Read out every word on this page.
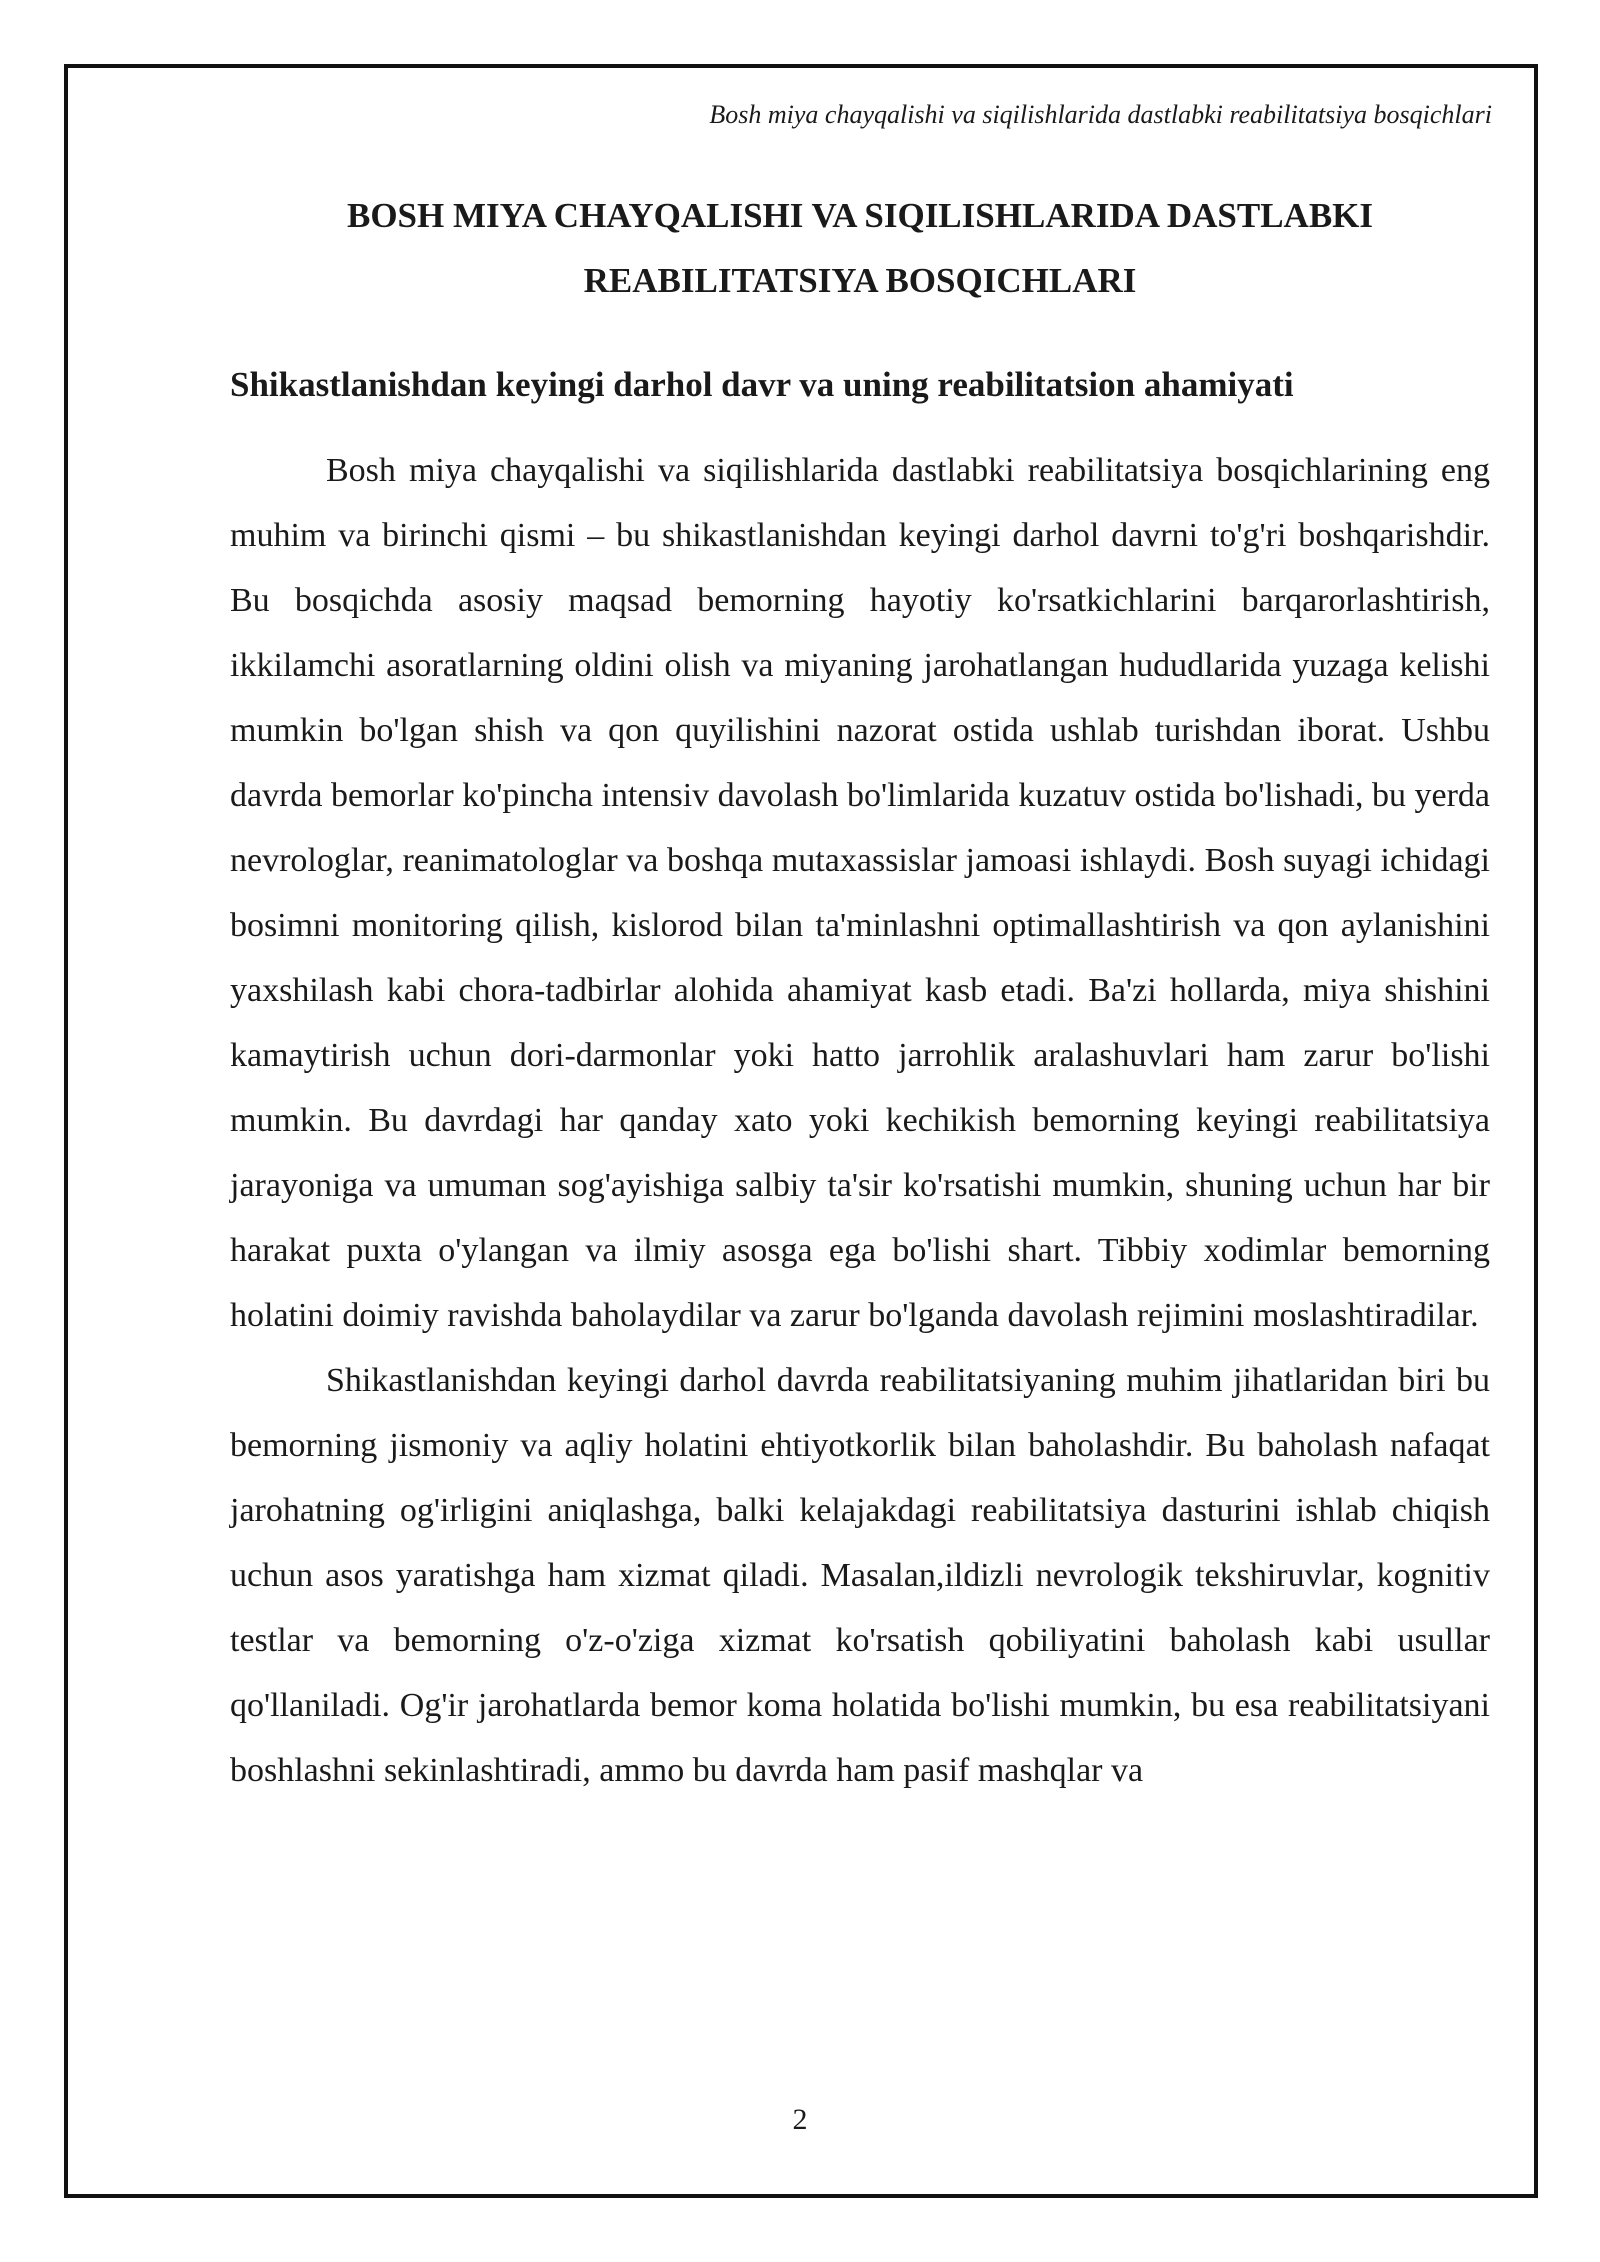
Bosh miya chayqalishi va siqilishlarida dastlabki reabilitatsiya bosqichlari
BOSH MIYA CHAYQALISHI VA SIQILISHLARIDA DASTLABKI
REABILITATSIYA BOSQICHLARI
Shikastlanishdan keyingi darhol davr va uning reabilitatsion ahamiyati

Bosh miya chayqalishi va siqilishlarida dastlabki reabilitatsiya bosqichlarining eng muhim va birinchi qismi – bu shikastlanishdan keyingi darhol davrni to'g'ri boshqarishdir. Bu bosqichda asosiy maqsad bemorning hayotiy ko'rsatkichlarini barqarorlashtirish, ikkilamchi asoratlarning oldini olish va miyaning jarohatlangan hududlarida yuzaga kelishi mumkin bo'lgan shish va qon quyilishini nazorat ostida ushlab turishdan iborat. Ushbu davrda bemorlar ko'pincha intensiv davolash bo'limlarida kuzatuv ostida bo'lishadi, bu yerda nevrologlar, reanimatologlar va boshqa mutaxassislar jamoasi ishlaydi. Bosh suyagi ichidagi bosimni monitoring qilish, kislorod bilan ta'minlashni optimallashtirish va qon aylanishini yaxshilash kabi chora-tadbirlar alohida ahamiyat kasb etadi. Ba'zi hollarda, miya shishini kamaytirish uchun dori-darmonlar yoki hatto jarrohlik aralashuvlari ham zarur bo'lishi mumkin. Bu davrdagi har qanday xato yoki kechikish bemorning keyingi reabilitatsiya jarayoniga va umuman sog'ayishiga salbiy ta'sir ko'rsatishi mumkin, shuning uchun har bir harakat puxta o'ylangan va ilmiy asosga ega bo'lishi shart. Tibbiy xodimlar bemorning holatini doimiy ravishda baholaydilar va zarur bo'lganda davolash rejimini moslashtiradilar.

Shikastlanishdan keyingi darhol davrda reabilitatsiyaning muhim jihatlaridan biri bu bemorning jismoniy va aqliy holatini ehtiyotkorlik bilan baholashdir. Bu baholash nafaqat jarohatning og'irligini aniqlashga, balki kelajakdagi reabilitatsiya dasturini ishlab chiqish uchun asos yaratishga ham xizmat qiladi. Masalan,ildizli nevrologik tekshiruvlar, kognitiv testlar va bemorning o'z-o'ziga xizmat ko'rsatish qobiliyatini baholash kabi usullar qo'llaniladi. Og'ir jarohatlarda bemor koma holatida bo'lishi mumkin, bu esa reabilitatsiyani boshlashni sekinlashtiradi, ammo bu davrda ham pasif mashqlar va

2
